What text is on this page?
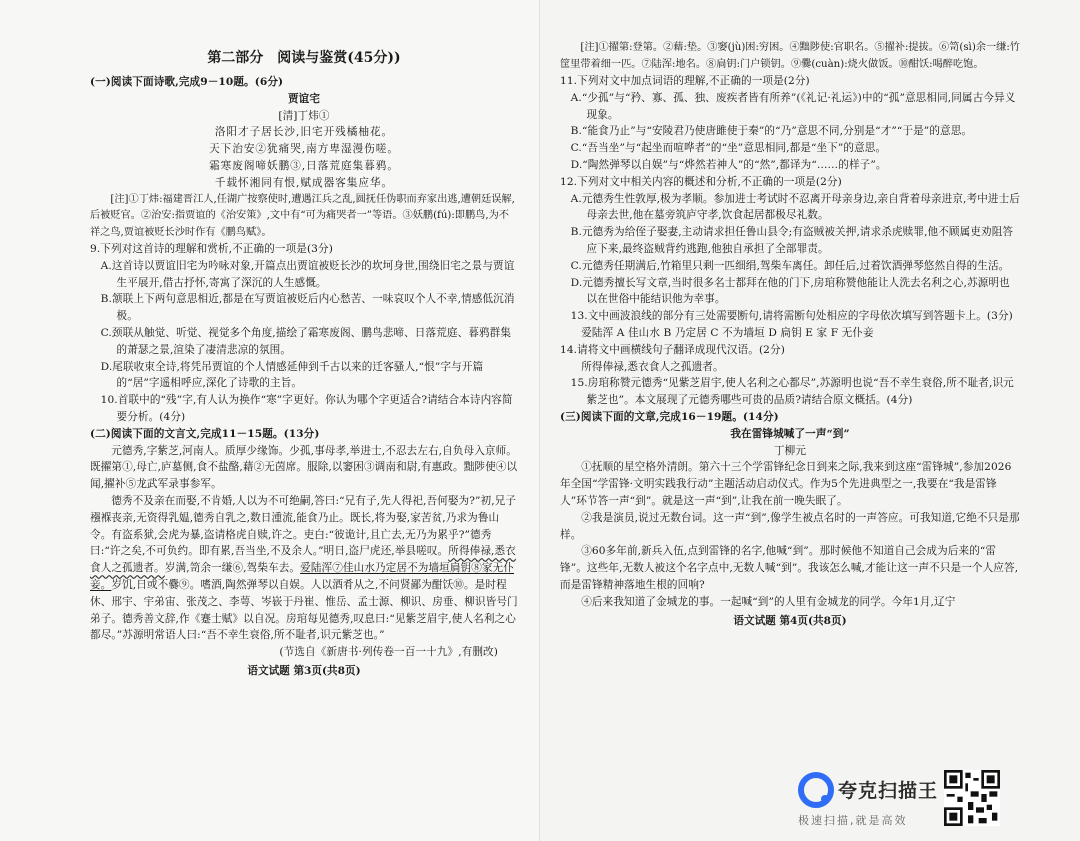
第二部分　阅读与鉴赏(45分))
(一)阅读下面诗歌,完成9－10题。(6分)
贾谊宅
[清]丁炜①
洛阳才子居长沙,旧宅开残橘柚花。
天下治安②犹痛哭,南方卑湿漫伤嗟。
霜寒废阁啼妖鹏③,日落荒庭集暮鸦。
千载怀湘同有恨,赋成器客集应华。
[注]①丁炜:福建晋江人,任湖广按察使时,遭遇江兵之乱,圆抚任伪职而弃家出逃,遭朝廷误解,后被贬官。②治安:指贾谊的《治安策》,文中有“可为痛哭者一”等语。③妖鹏(fú):即鹏鸟,为不祥之鸟,贾谊被贬长沙时作有《鹏鸟赋》。
9.下列对这首诗的理解和赏析,不正确的一项是(3分)
A.这首诗以贾谊旧宅为吟咏对象,开篇点出贾谊被贬长沙的坎坷身世,围绕旧宅之景与贾谊生平展开,借古抒怀,寄寓了深沉的人生感慨。
B.颔联上下两句意思相近,都是在写贾谊被贬后内心愁苦、一味哀叹个人不幸,情感低沉消极。
C.颈联从触觉、听觉、视觉多个角度,描绘了霜寒废阁、鹏鸟悲啼、日落荒庭、暮鸦群集的萧瑟之景,渲染了凄清悲凉的氛围。
D.尾联收束全诗,将凭吊贾谊的个人情感延伸到千古以来的迁客骚人,“恨”字与开篇的“居”字遥相呼应,深化了诗歌的主旨。
10.首联中的“残”字,有人认为换作“寒”字更好。你认为哪个字更适合?请结合本诗内容简要分析。(4分)
(二)阅读下面的文言文,完成11－15题。(13分)
元德秀,字紫芝,河南人。质厚少缘饰。少孤,事母孝,举进士,不忍去左右,自负母入京师。既擢第①,母亡,庐墓侧,食不盐酪,藉②无茵席。服除,以窭困③调南和尉,有惠政。黜陟使④以闻,擢补⑤龙武军录事参军。
德秀不及亲在而娶,不肯婚,人以为不可绝嗣,答曰:“兄有子,先人得祀,吾何娶为?”初,兄子襁褓丧亲,无资得乳媪,德秀自乳之,数日湩流,能食乃止。既长,将为娶,家苦贫,乃求为鲁山令。有盗系狱,会虎为暴,盗请格虎自赎,许之。吏白:“彼诡计,且亡去,无乃为累乎?”德秀曰:“许之矣,不可负约。即有累,吾当坐,不及余人。”明日,盗尸虎还,举县嗟叹。所得俸禄,悉衣食人之孤遗者。岁满,笥余一缣⑥,驾柴车去。爱陆浑⑦佳山水乃定居不为墙垣扃钥⑧家无仆妾。岁饥,日或不爨⑨。嗜酒,陶然弹琴以自娱。人以酒肴从之,不问贤鄙为酣饫⑩。是时程休、邢宇、宇弟宙、张茂之、李萼、岑嵚于丹崔、惟岳、孟士源、柳识、房垂、柳识皆号门弟子。德秀善文辞,作《蹇士赋》以自况。房琯每见德秀,叹息曰:“见紫芝眉宇,使人名利之心都尽。”苏源明常语人曰:“吾不幸生衰俗,所不耻者,识元紫芝也。”
(节选自《新唐书·列传卷一百一十九》,有删改)
语文试题 第3页(共8页)
[注]①擢第:登第。②藉:垫。③窭(jù)困:穷困。④黜陟使:官职名。⑤擢补:提拔。⑥笥(sì)余一缣:竹筐里带着细一匹。⑦陆浑:地名。⑧扃钥:门户锁钥。⑨爨(cuàn):烧火做饭。⑩酣饫:喝醉吃饱。
11.下列对文中加点词语的理解,不正确的一项是(2分)
A.“少孤”与“矜、寡、孤、独、废疾者皆有所养”(《礼记·礼运》)中的“孤”意思相同,同属古今异义现象。
B.“能食乃止”与“安陵君乃使唐雎使于秦”的“乃”意思不同,分别是“才”“于是”的意思。
C.“吾当坐”与“起坐而喧哗者”的“坐”意思相同,都是“坐下”的意思。
D.“陶然弹琴以自娱”与“烨然若神人”的“然”,都译为“……的样子”。
12.下列对文中相关内容的概述和分析,不正确的一项是(2分)
A.元德秀生性敦厚,极为孝顺。参加进士考试时不忍离开母亲身边,亲自背着母亲进京,考中进士后母亲去世,他在墓旁筑庐守孝,饮食起居都极尽礼数。
B.元德秀为给侄子娶妻,主动请求担任鲁山县令;有盗贼被关押,请求杀虎赎罪,他不顾属吏劝阻答应下来,最终盗贼背约逃跑,他独自承担了全部罪责。
C.元德秀任期满后,竹箱里只剩一匹细绢,驾柴车离任。卸任后,过着饮酒弹琴悠然自得的生活。
D.元德秀擅长写文章,当时很多名士都拜在他的门下,房琯称赞他能让人洗去名利之心,苏源明也以在世俗中能结识他为幸事。
13.文中画波浪线的部分有三处需要断句,请将需断句处相应的字母依次填写到答题卡上。(3分)
爱陆浑 A 佳山水 B 乃定居 C 不为墙垣 D 扃钥 E 家 F 无仆妾
14.请将文中画横线句子翻译成现代汉语。(2分)
所得俸禄,悉衣食人之孤遗者。
15.房琯称赞元德秀“见紫芝眉宇,使人名利之心都尽”,苏源明也说“吾不幸生衰俗,所不耻者,识元紫芝也”。本文展现了元德秀哪些可贵的品质?请结合原文概括。(4分)
(三)阅读下面的文章,完成16－19题。(14分)
我在雷锋城喊了一声“到”
丁柳元
①抚顺的星空格外清朗。第六十三个学雷锋纪念日到来之际,我来到这座“雷锋城”,参加2026年全国“学雷锋·文明实践我行动”主题活动启动仪式。作为5个先进典型之一,我要在“我是雷锋人”环节答一声“到”。就是这一声“到”,让我在前一晚失眠了。
②我是演员,说过无数台词。这一声“到”,像学生被点名时的一声答应。可我知道,它绝不只是那样。
③60多年前,新兵入伍,点到雷锋的名字,他喊“到”。那时候他不知道自己会成为后来的“雷锋”。这些年,无数人被这个名字点中,无数人喊“到”。我该怎么喊,才能让这一声不只是一个人应答,而是雷锋精神落地生根的回响?
④后来我知道了金城龙的事。一起喊“到”的人里有金城龙的同学。今年1月,辽宁
语文试题 第4页(共8页)
夸克扫描王
极速扫描,就是高效
